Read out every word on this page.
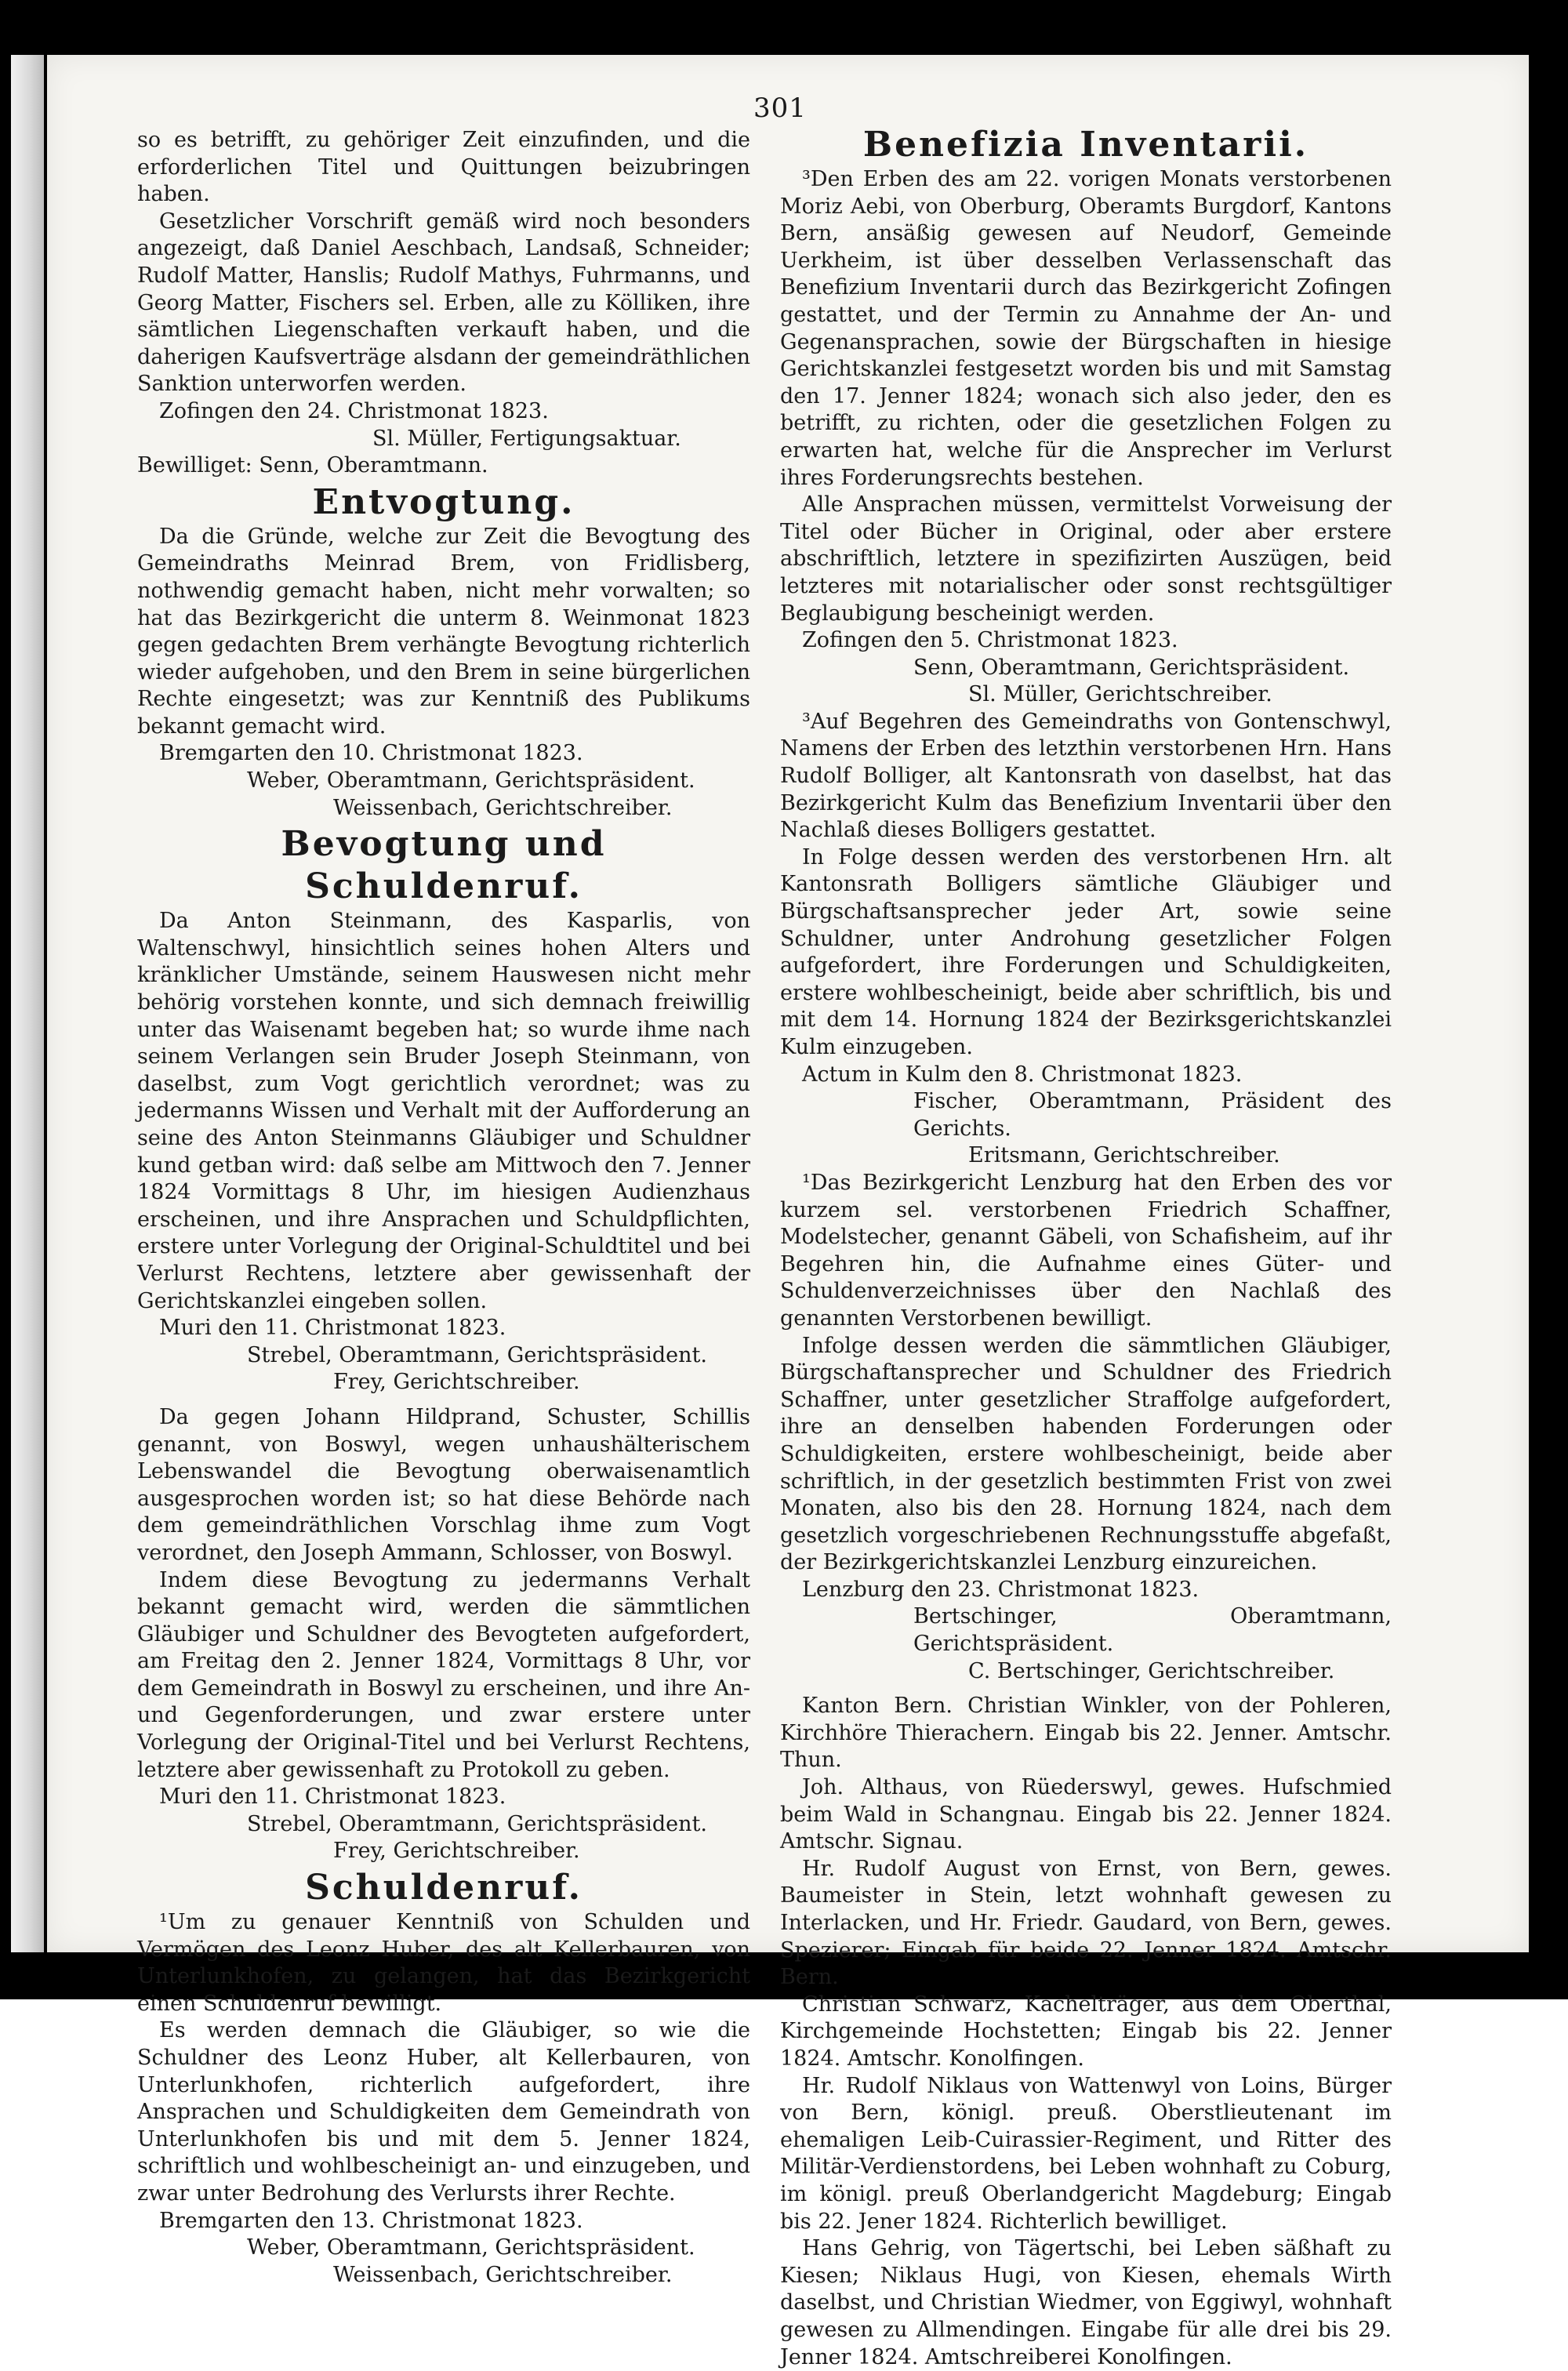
301

so es betrifft, zu gehöriger Zeit einzufinden, und die erforderlichen Titel und Quittungen beizubringen haben.

Gesetzlicher Vorschrift gemäß wird noch besonders angezeigt, daß Daniel Aeschbach, Landsaß, Schneider; Rudolf Matter, Hanslis; Rudolf Mathys, Fuhrmanns, und Georg Matter, Fischers sel. Erben, alle zu Kölliken, ihre sämtlichen Liegenschaften verkauft haben, und die daherigen Kaufsverträge alsdann der gemeindräthlichen Sanktion unterworfen werden.

Zofingen den 24. Christmonat 1823.

Sl. Müller, Fertigungsaktuar.

Bewilliget: Senn, Oberamtmann.

Entvogtung.

Da die Gründe, welche zur Zeit die Bevogtung des Gemeindraths Meinrad Brem, von Fridlisberg, nothwendig gemacht haben, nicht mehr vorwalten; so hat das Bezirkgericht die unterm 8. Weinmonat 1823 gegen gedachten Brem verhängte Bevogtung richterlich wieder aufgehoben, und den Brem in seine bürgerlichen Rechte eingesetzt; was zur Kenntniß des Publikums bekannt gemacht wird.

Bremgarten den 10. Christmonat 1823.

Weber, Oberamtmann, Gerichtspräsident.

Weissenbach, Gerichtschreiber.

Bevogtung und Schuldenruf.

Da Anton Steinmann, des Kasparlis, von Waltenschwyl, hinsichtlich seines hohen Alters und kränklicher Umstände, seinem Hauswesen nicht mehr behörig vorstehen konnte, und sich demnach freiwillig unter das Waisenamt begeben hat; so wurde ihme nach seinem Verlangen sein Bruder Joseph Steinmann, von daselbst, zum Vogt gerichtlich verordnet; was zu jedermanns Wissen und Verhalt mit der Aufforderung an seine des Anton Steinmanns Gläubiger und Schuldner kund getban wird: daß selbe am Mittwoch den 7. Jenner 1824 Vormittags 8 Uhr, im hiesigen Audienzhaus erscheinen, und ihre Ansprachen und Schuldpflichten, erstere unter Vorlegung der Original-Schuldtitel und bei Verlurst Rechtens, letztere aber gewissenhaft der Gerichtskanzlei eingeben sollen.

Muri den 11. Christmonat 1823.

Strebel, Oberamtmann, Gerichtspräsident.

Frey, Gerichtschreiber.

Da gegen Johann Hildprand, Schuster, Schillis genannt, von Boswyl, wegen unhaushälterischem Lebenswandel die Bevogtung oberwaisenamtlich ausgesprochen worden ist; so hat diese Behörde nach dem gemeindräthlichen Vorschlag ihme zum Vogt verordnet, den Joseph Ammann, Schlosser, von Boswyl.

Indem diese Bevogtung zu jedermanns Verhalt bekannt gemacht wird, werden die sämmtlichen Gläubiger und Schuldner des Bevogteten aufgefordert, am Freitag den 2. Jenner 1824, Vormittags 8 Uhr, vor dem Gemeindrath in Boswyl zu erscheinen, und ihre An- und Gegenforderungen, und zwar erstere unter Vorlegung der Original-Titel und bei Verlurst Rechtens, letztere aber gewissenhaft zu Protokoll zu geben.

Muri den 11. Christmonat 1823.

Strebel, Oberamtmann, Gerichtspräsident.

Frey, Gerichtschreiber.

Schuldenruf.

¹Um zu genauer Kenntniß von Schulden und Vermögen des Leonz Huber, des alt Kellerbauren, von Unterlunkhofen, zu gelangen, hat das Bezirkgericht einen Schuldenruf bewilligt.

Es werden demnach die Gläubiger, so wie die Schuldner des Leonz Huber, alt Kellerbauren, von Unterlunkhofen, richterlich aufgefordert, ihre Ansprachen und Schuldigkeiten dem Gemeindrath von Unterlunkhofen bis und mit dem 5. Jenner 1824, schriftlich und wohlbescheinigt an- und einzugeben, und zwar unter Bedrohung des Verlursts ihrer Rechte.

Bremgarten den 13. Christmonat 1823.

Weber, Oberamtmann, Gerichtspräsident.

Weissenbach, Gerichtschreiber.

Benefizia Inventarii.

³Den Erben des am 22. vorigen Monats verstorbenen Moriz Aebi, von Oberburg, Oberamts Burgdorf, Kantons Bern, ansäßig gewesen auf Neudorf, Gemeinde Uerkheim, ist über desselben Verlassenschaft das Benefizium Inventarii durch das Bezirkgericht Zofingen gestattet, und der Termin zu Annahme der An- und Gegenansprachen, sowie der Bürgschaften in hiesige Gerichtskanzlei festgesetzt worden bis und mit Samstag den 17. Jenner 1824; wonach sich also jeder, den es betrifft, zu richten, oder die gesetzlichen Folgen zu erwarten hat, welche für die Ansprecher im Verlurst ihres Forderungsrechts bestehen.

Alle Ansprachen müssen, vermittelst Vorweisung der Titel oder Bücher in Original, oder aber erstere abschriftlich, letztere in spezifizirten Auszügen, beid letzteres mit notarialischer oder sonst rechtsgültiger Beglaubigung bescheinigt werden.

Zofingen den 5. Christmonat 1823.

Senn, Oberamtmann, Gerichtspräsident.

Sl. Müller, Gerichtschreiber.

³Auf Begehren des Gemeindraths von Gontenschwyl, Namens der Erben des letzthin verstorbenen Hrn. Hans Rudolf Bolliger, alt Kantonsrath von daselbst, hat das Bezirkgericht Kulm das Benefizium Inventarii über den Nachlaß dieses Bolligers gestattet.

In Folge dessen werden des verstorbenen Hrn. alt Kantonsrath Bolligers sämtliche Gläubiger und Bürgschaftsansprecher jeder Art, sowie seine Schuldner, unter Androhung gesetzlicher Folgen aufgefordert, ihre Forderungen und Schuldigkeiten, erstere wohlbescheinigt, beide aber schriftlich, bis und mit dem 14. Hornung 1824 der Bezirksgerichtskanzlei Kulm einzugeben.

Actum in Kulm den 8. Christmonat 1823.

Fischer, Oberamtmann, Präsident des Gerichts.

Eritsmann, Gerichtschreiber.

¹Das Bezirkgericht Lenzburg hat den Erben des vor kurzem sel. verstorbenen Friedrich Schaffner, Modelstecher, genannt Gäbeli, von Schafisheim, auf ihr Begehren hin, die Aufnahme eines Güter- und Schuldenverzeichnisses über den Nachlaß des genannten Verstorbenen bewilligt.

Infolge dessen werden die sämmtlichen Gläubiger, Bürgschaftansprecher und Schuldner des Friedrich Schaffner, unter gesetzlicher Straffolge aufgefordert, ihre an denselben habenden Forderungen oder Schuldigkeiten, erstere wohlbescheinigt, beide aber schriftlich, in der gesetzlich bestimmten Frist von zwei Monaten, also bis den 28. Hornung 1824, nach dem gesetzlich vorgeschriebenen Rechnungsstuffe abgefaßt, der Bezirkgerichtskanzlei Lenzburg einzureichen.

Lenzburg den 23. Christmonat 1823.

Bertschinger, Oberamtmann, Gerichtspräsident.

C. Bertschinger, Gerichtschreiber.

Kanton Bern. Christian Winkler, von der Pohleren, Kirchhöre Thierachern. Eingab bis 22. Jenner. Amtschr. Thun.

Joh. Althaus, von Rüederswyl, gewes. Hufschmied beim Wald in Schangnau. Eingab bis 22. Jenner 1824. Amtschr. Signau.

Hr. Rudolf August von Ernst, von Bern, gewes. Baumeister in Stein, letzt wohnhaft gewesen zu Interlacken, und Hr. Friedr. Gaudard, von Bern, gewes. Spezierer; Eingab für beide 22. Jenner 1824. Amtschr. Bern.

Christian Schwarz, Kachelträger, aus dem Oberthal, Kirchgemeinde Hochstetten; Eingab bis 22. Jenner 1824. Amtschr. Konolfingen.

Hr. Rudolf Niklaus von Wattenwyl von Loins, Bürger von Bern, königl. preuß. Oberstlieutenant im ehemaligen Leib-Cuirassier-Regiment, und Ritter des Militär-Verdienstordens, bei Leben wohnhaft zu Coburg, im königl. preuß Oberlandgericht Magdeburg; Eingab bis 22. Jener 1824. Richterlich bewilliget.

Hans Gehrig, von Tägertschi, bei Leben säßhaft zu Kiesen; Niklaus Hugi, von Kiesen, ehemals Wirth daselbst, und Christian Wiedmer, von Eggiwyl, wohnhaft gewesen zu Allmendingen. Eingabe für alle drei bis 29. Jenner 1824. Amtschreiberei Konolfingen.
